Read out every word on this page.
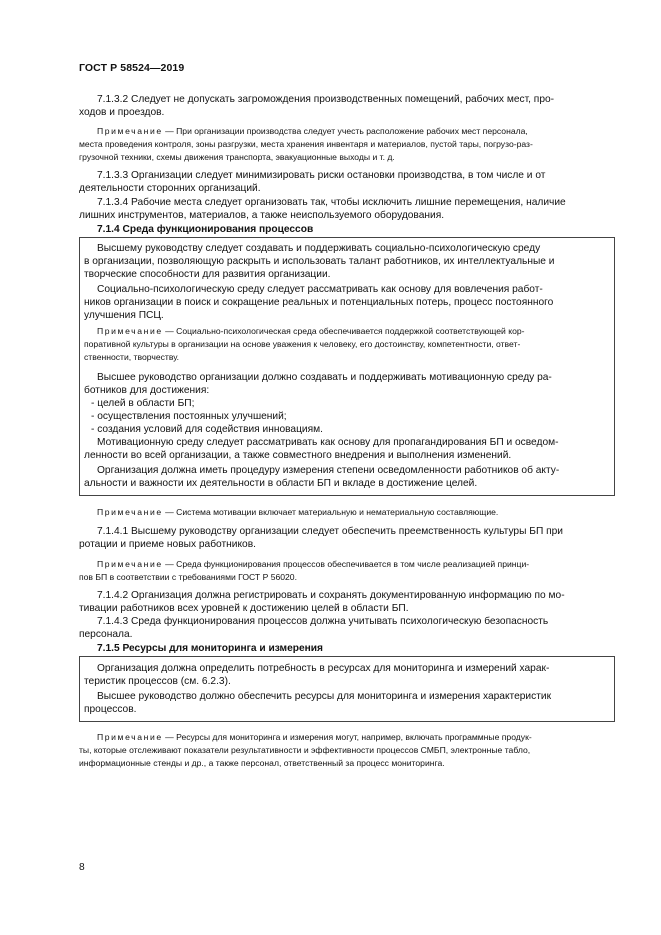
ГОСТ Р 58524—2019
7.1.3.2 Следует не допускать загромождения производственных помещений, рабочих мест, про-
ходов и проездов.
Примечание — При организации производства следует учесть расположение рабочих мест персонала,
места проведения контроля, зоны разгрузки, места хранения инвентаря и материалов, пустой тары, погрузо-раз-
грузочной техники, схемы движения транспорта, эвакуационные выходы и т. д.
7.1.3.3 Организации следует минимизировать риски остановки производства, в том числе и от
деятельности сторонних организаций.
7.1.3.4 Рабочие места следует организовать так, чтобы исключить лишние перемещения, наличие
лишних инструментов, материалов, а также неиспользуемого оборудования.
7.1.4 Среда функционирования процессов
Высшему руководству следует создавать и поддерживать социально-психологическую среду
в организации, позволяющую раскрыть и использовать талант работников, их интеллектуальные и
творческие способности для развития организации.
Социально-психологическую среду следует рассматривать как основу для вовлечения работ-
ников организации в поиск и сокращение реальных и потенциальных потерь, процесс постоянного
улучшения ПСЦ.
Примечание — Социально-психологическая среда обеспечивается поддержкой соответствующей кор-
поративной культуры в организации на основе уважения к человеку, его достоинству, компетентности, ответ-
ственности, творчеству.
Высшее руководство организации должно создавать и поддерживать мотивационную среду ра-
ботников для достижения:
- целей в области БП;
- осуществления постоянных улучшений;
- создания условий для содействия инновациям.
Мотивационную среду следует рассматривать как основу для пропагандирования БП и осведом-
ленности во всей организации, а также совместного внедрения и выполнения изменений.
Организация должна иметь процедуру измерения степени осведомленности работников об акту-
альности и важности их деятельности в области БП и вкладе в достижение целей.
Примечание — Система мотивации включает материальную и нематериальную составляющие.
7.1.4.1 Высшему руководству организации следует обеспечить преемственность культуры БП при
ротации и приеме новых работников.
Примечание — Среда функционирования процессов обеспечивается в том числе реализацией принци-
пов БП в соответствии с требованиями ГОСТ Р 56020.
7.1.4.2 Организация должна регистрировать и сохранять документированную информацию по мо-
тивации работников всех уровней к достижению целей в области БП.
7.1.4.3 Среда функционирования процессов должна учитывать психологическую безопасность
персонала.
7.1.5 Ресурсы для мониторинга и измерения
Организация должна определить потребность в ресурсах для мониторинга и измерений харак-
теристик процессов (см. 6.2.3).
Высшее руководство должно обеспечить ресурсы для мониторинга и измерения характеристик
процессов.
Примечание — Ресурсы для мониторинга и измерения могут, например, включать программные продук-
ты, которые отслеживают показатели результативности и эффективности процессов СМБП, электронные табло,
информационные стенды и др., а также персонал, ответственный за процесс мониторинга.
8
